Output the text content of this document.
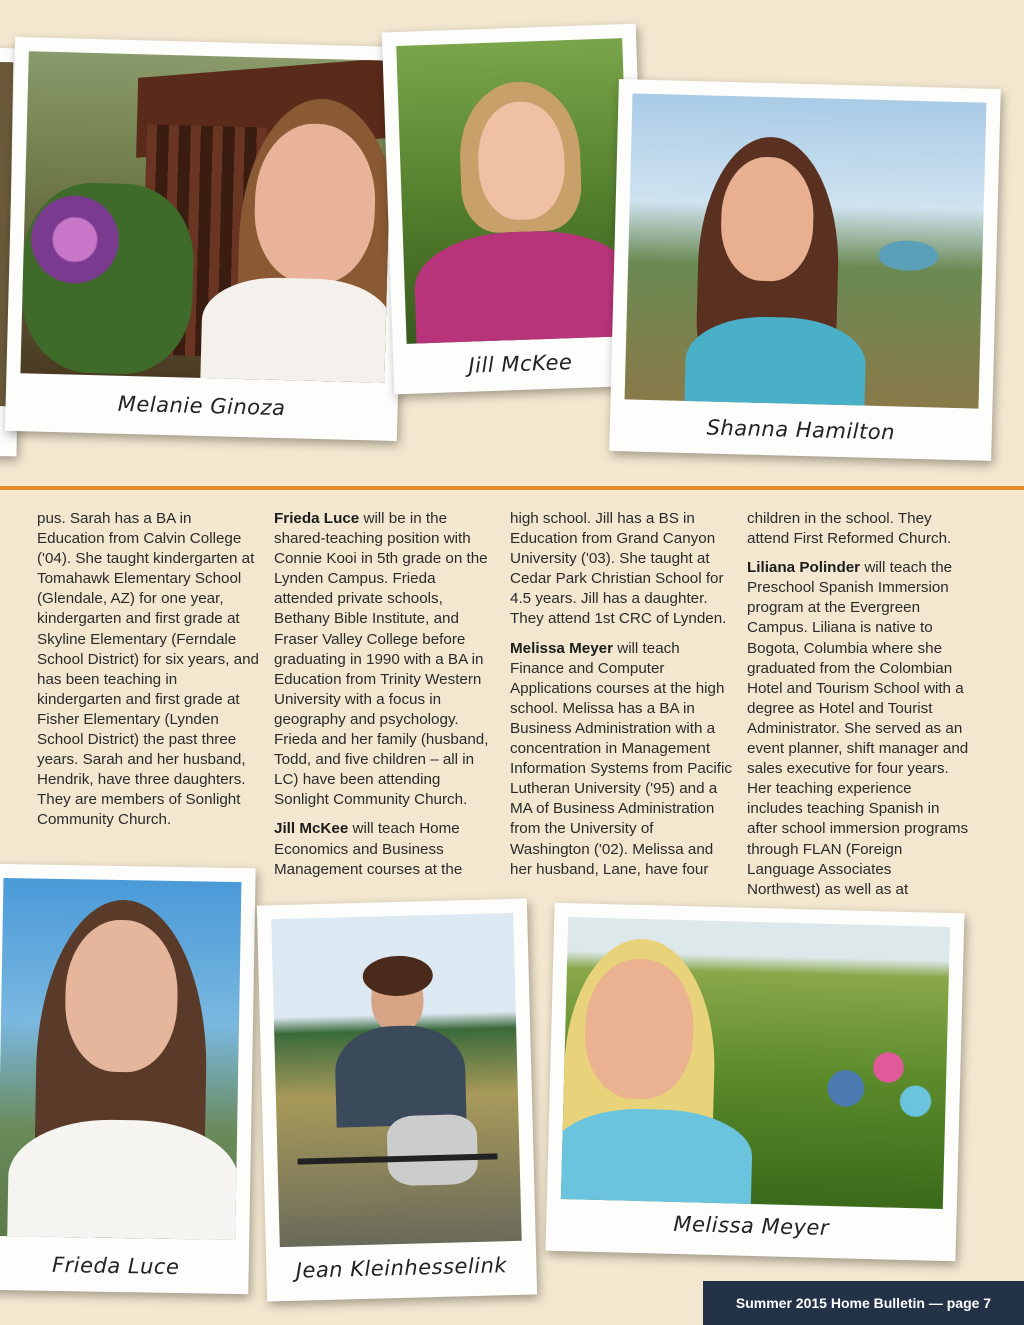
Melanie Ginoza
Jill McKee
Shanna Hamilton

pus. Sarah has a BA in Education from Calvin College ('04). She taught kindergarten at Tomahawk Elementary School (Glendale, AZ) for one year, kindergarten and first grade at Skyline Elementary (Ferndale School District) for six years, and has been teaching in kindergarten and first grade at Fisher Elementary (Lynden School District) the past three years. Sarah and her husband, Hendrik, have three daughters. They are members of Sonlight Community Church.

Frieda Luce will be in the shared-teaching position with Connie Kooi in 5th grade on the Lynden Campus. Frieda attended private schools, Bethany Bible Institute, and Fraser Valley College before graduating in 1990 with a BA in Education from Trinity Western University with a focus in geography and psychology. Frieda and her family (husband, Todd, and five children – all in LC) have been attending Sonlight Community Church.

Jill McKee will teach Home Economics and Business Management courses at the

high school. Jill has a BS in Education from Grand Canyon University ('03). She taught at Cedar Park Christian School for 4.5 years. Jill has a daughter. They attend 1st CRC of Lynden.

Melissa Meyer will teach Finance and Computer Applications courses at the high school. Melissa has a BA in Business Administration with a concentration in Management Information Systems from Pacific Lutheran University ('95) and a MA of Business Administration from the University of Washington ('02). Melissa and her husband, Lane, have four

children in the school. They attend First Reformed Church.

Liliana Polinder will teach the Preschool Spanish Immersion program at the Evergreen Campus. Liliana is native to Bogota, Columbia where she graduated from the Colombian Hotel and Tourism School with a degree as Hotel and Tourist Administrator. She served as an event planner, shift manager and sales executive for four years. Her teaching experience includes teaching Spanish in after school immersion programs through FLAN (Foreign Language Associates Northwest) as well as at

Frieda Luce	Jean Kleinhesselink
Melissa Meyer
Summer 2015 Home Bulletin — page 7
